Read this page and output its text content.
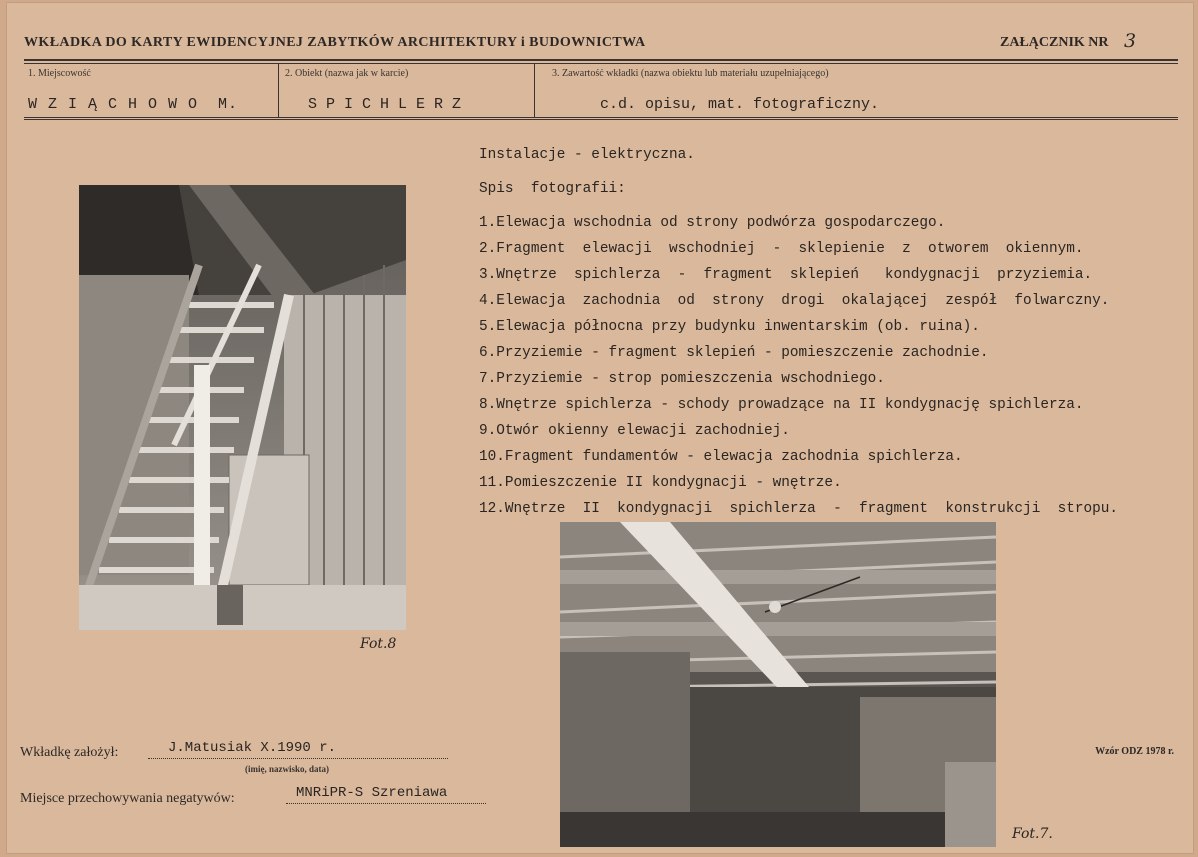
WKŁADKA DO KARTY EWIDENCYJNEJ ZABYTKÓW ARCHITEKTURY i BUDOWNICTWA	ZAŁĄCZNIK NR 3
1. Miejscowość	2. Obiekt (nazwa jak w karcie)	3. Zawartość wkładki (nazwa obiektu lub materiału uzupełniającego)
W Z I Ą C H O W O  M.	S P I C H L E R Z	c.d. opisu, mat. fotograficzny.
Instalacje - elektryczna.
Spis  fotografii:
1.Elewacja wschodnia od strony podwórza gospodarczego.
2.Fragment  elewacji  wschodniej  -  sklepienie  z  otworem  okiennym.
3.Wnętrze  spichlerza  -  fragment  sklepień   kondygnacji  przyziemia.
4.Elewacja  zachodnia  od  strony  drogi  okalającej  zespół  folwarczny.
5.Elewacja północna przy budynku inwentarskim (ob. ruina).
6.Przyziemie - fragment sklepień - pomieszczenie zachodnie.
7.Przyziemie - strop pomieszczenia wschodniego.
8.Wnętrze spichlerza - schody prowadzące na II kondygnację spichlerza.
9.Otwór okienny elewacji zachodniej.
10.Fragment fundamentów - elewacja zachodnia spichlerza.
11.Pomieszczenie II kondygnacji - wnętrze.
12.Wnętrze  II  kondygnacji  spichlerza  -  fragment  konstrukcji  stropu.
Fot.8
Fot.7.
Wkładkę założył:	J.Matusiak X.1990 r.
(imię, nazwisko, data)
Miejsce przechowywania negatywów:	MNRiPR-S Szreniawa
Wzór ODZ 1978 r.
